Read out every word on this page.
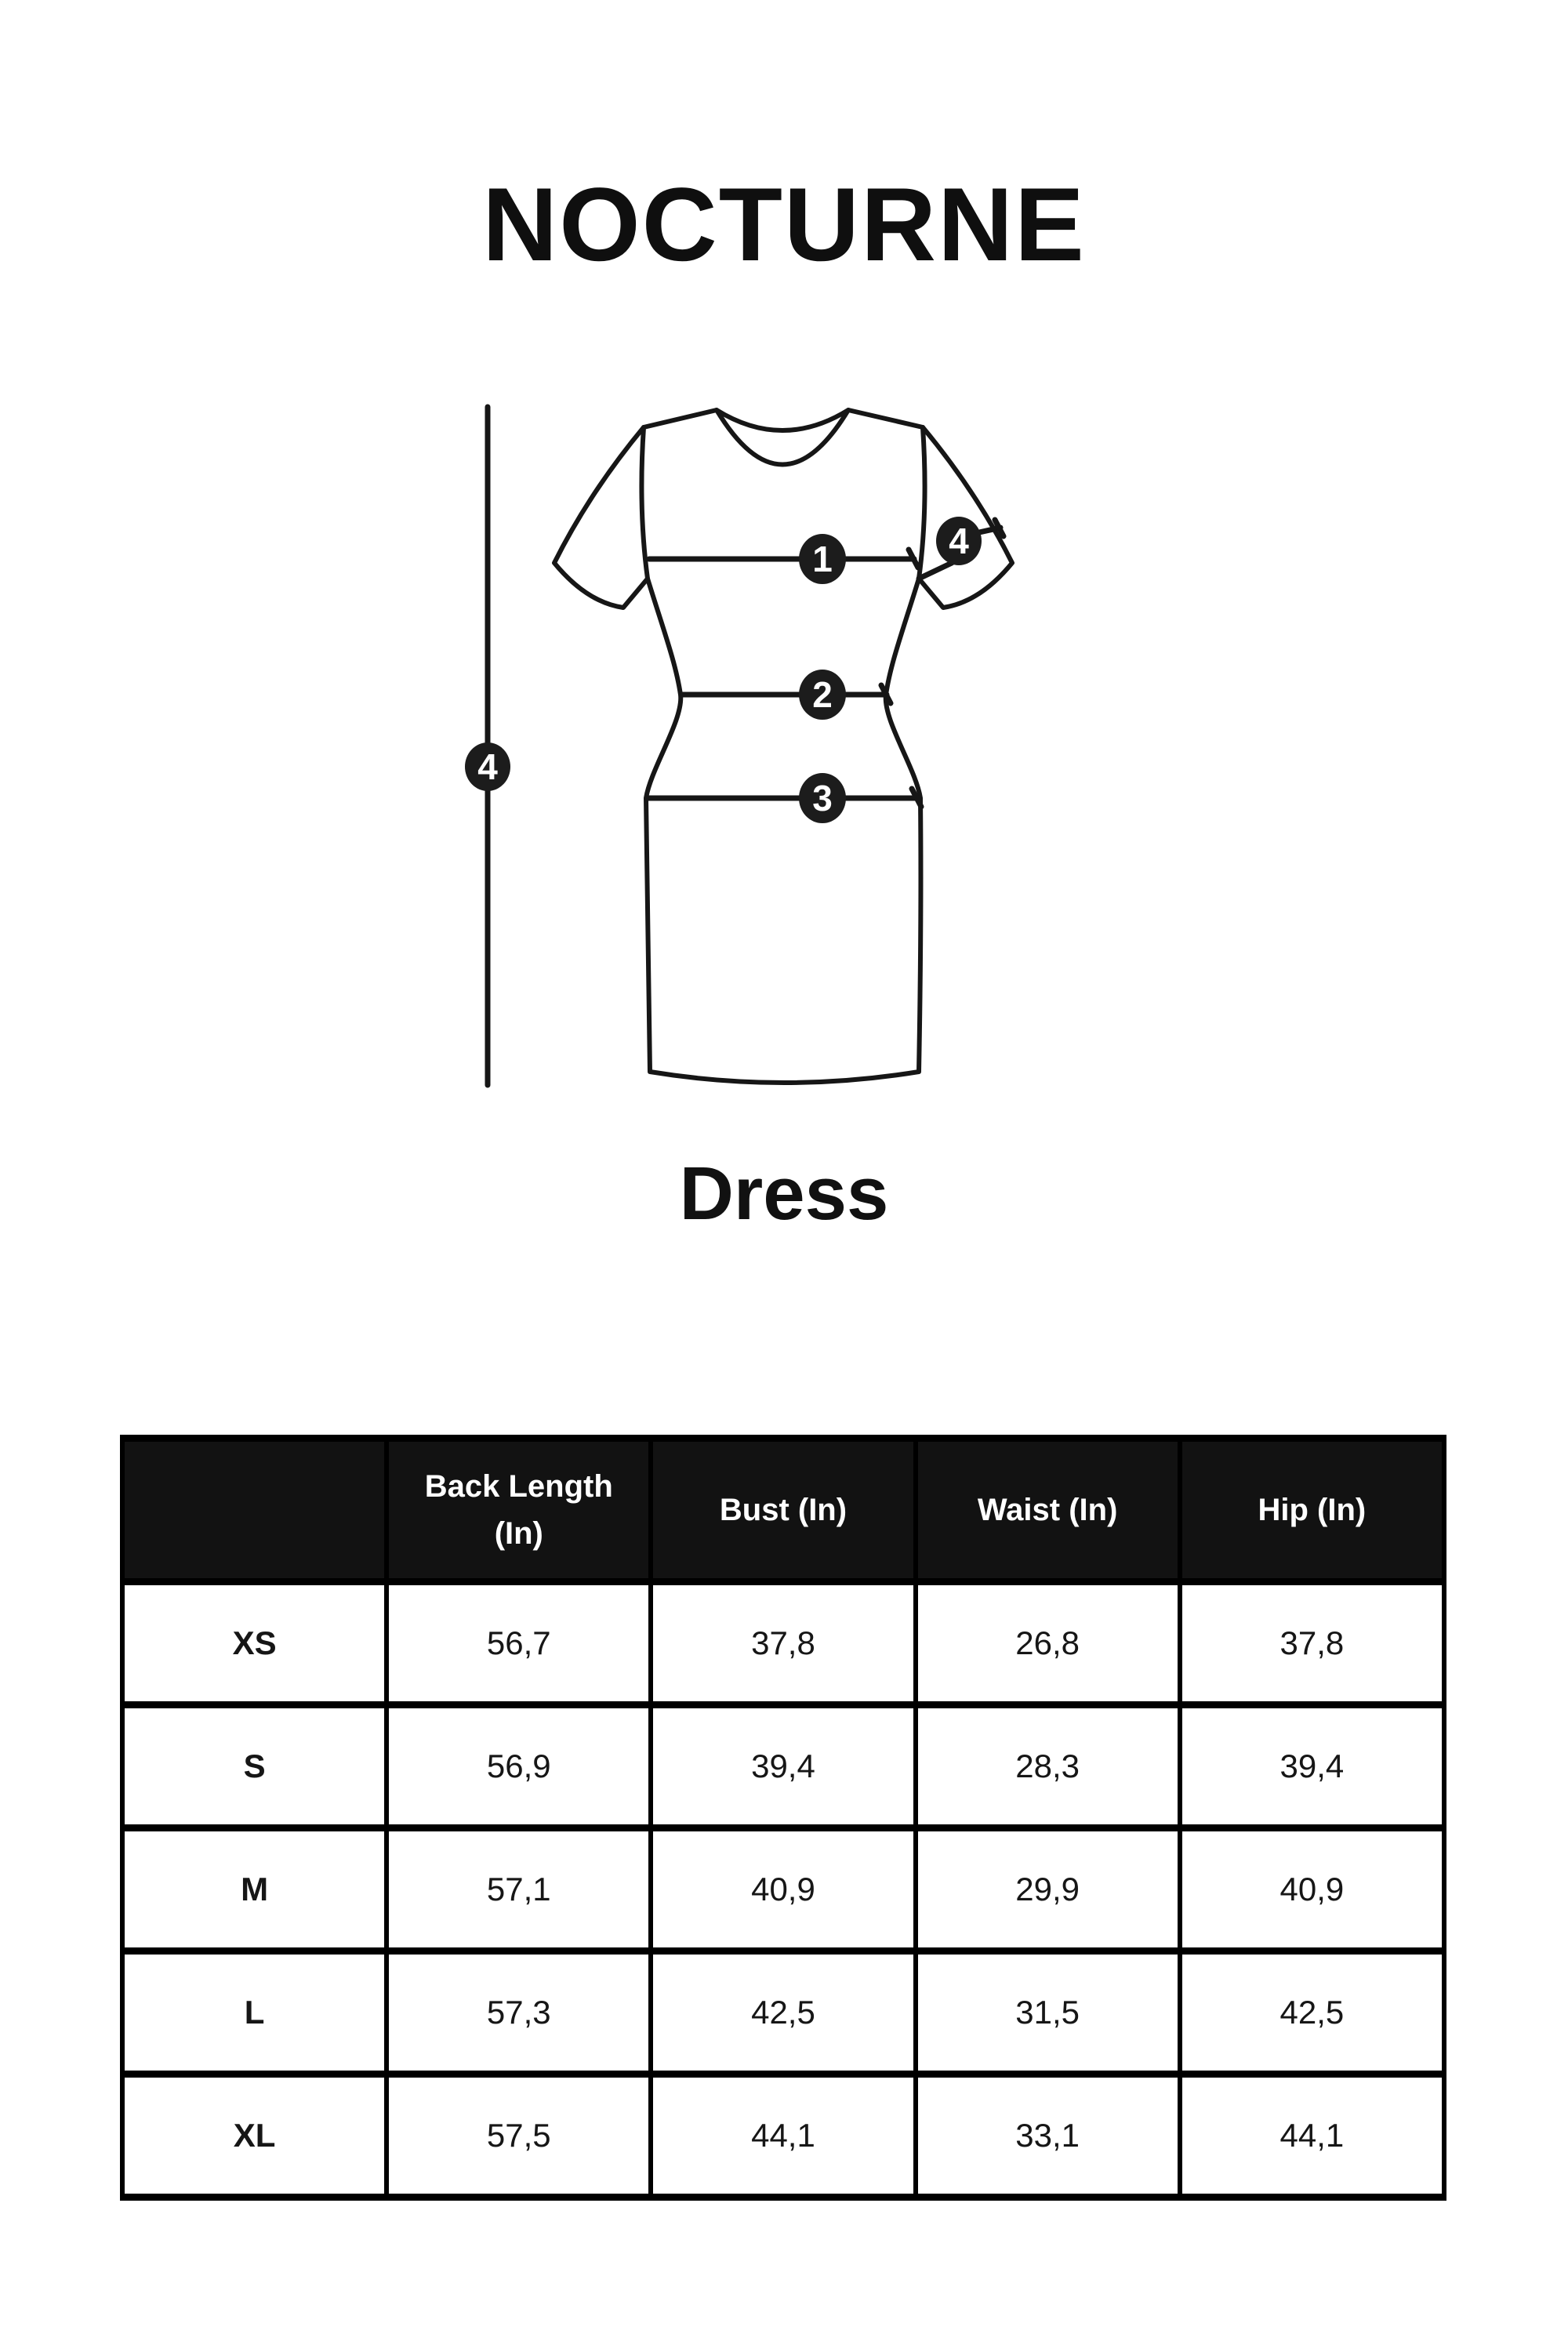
NOCTURNE
1
2
3
4
4
Dress
	Back Length (In)	Bust (In)	Waist (In)	Hip (In)
XS	56,7	37,8	26,8	37,8
S	56,9	39,4	28,3	39,4
M	57,1	40,9	29,9	40,9
L	57,3	42,5	31,5	42,5
XL	57,5	44,1	33,1	44,1
